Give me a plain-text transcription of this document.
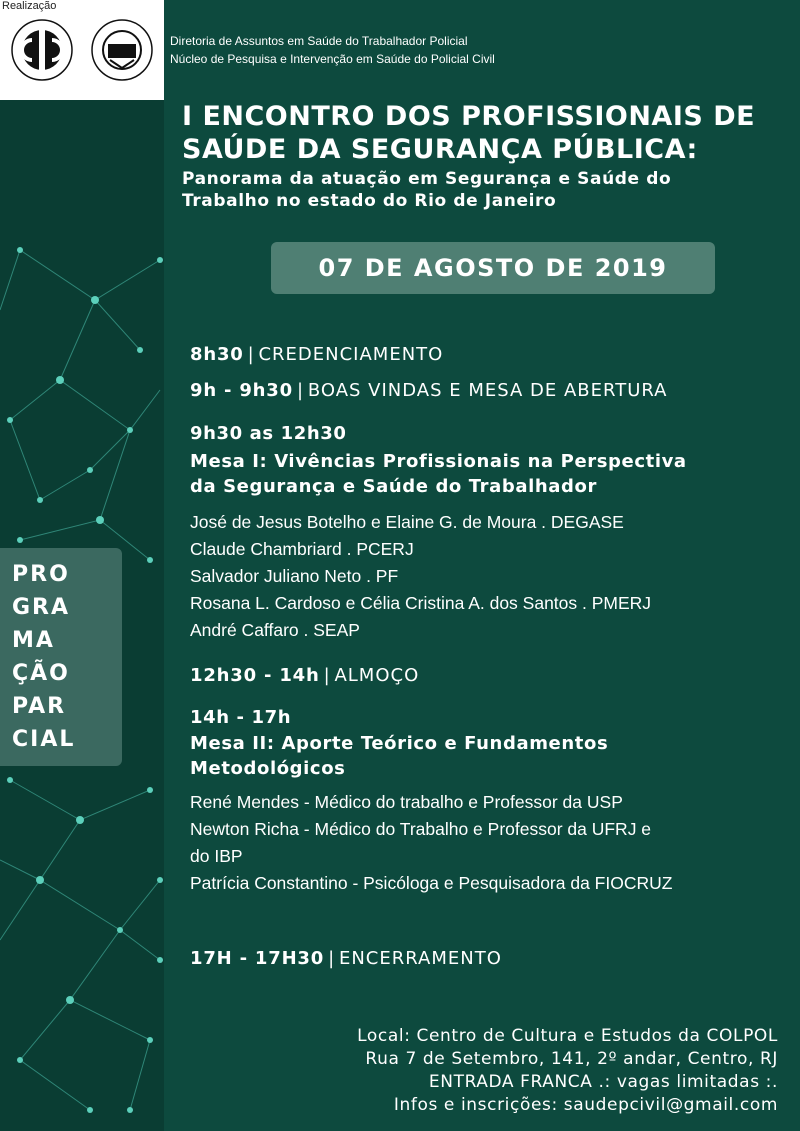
Realização
Diretoria de Assuntos em Saúde do Trabalhador Policial
Núcleo de Pesquisa e Intervenção em Saúde do Policial Civil
I ENCONTRO DOS PROFISSIONAIS DE
SAÚDE DA SEGURANÇA PÚBLICA:
Panorama da atuação em Segurança e Saúde do
Trabalho no estado do Rio de Janeiro
07 DE AGOSTO DE 2019
PRO
GRA
MA
ÇÃO
PAR
CIAL
8h30 | CREDENCIAMENTO
9h - 9h30 | BOAS VINDAS E MESA DE ABERTURA
9h30 as 12h30
Mesa I: Vivências Profissionais na Perspectiva
da Segurança e Saúde do Trabalhador
José de Jesus Botelho e Elaine G. de Moura . DEGASE
Claude Chambriard . PCERJ
Salvador Juliano Neto . PF
Rosana L. Cardoso e Célia Cristina A. dos Santos . PMERJ
André Caffaro . SEAP
12h30 - 14h | ALMOÇO
14h - 17h
Mesa II: Aporte Teórico e Fundamentos
Metodológicos
René Mendes - Médico do trabalho e Professor da USP
Newton Richa - Médico do Trabalho e Professor da UFRJ e
do IBP
Patrícia Constantino - Psicóloga e Pesquisadora da FIOCRUZ
17H - 17H30 | ENCERRAMENTO
Local: Centro de Cultura e Estudos da COLPOL
Rua 7 de Setembro, 141, 2º andar, Centro, RJ
ENTRADA FRANCA .: vagas limitadas :.
Infos e inscrições: saudepcivil@gmail.com
